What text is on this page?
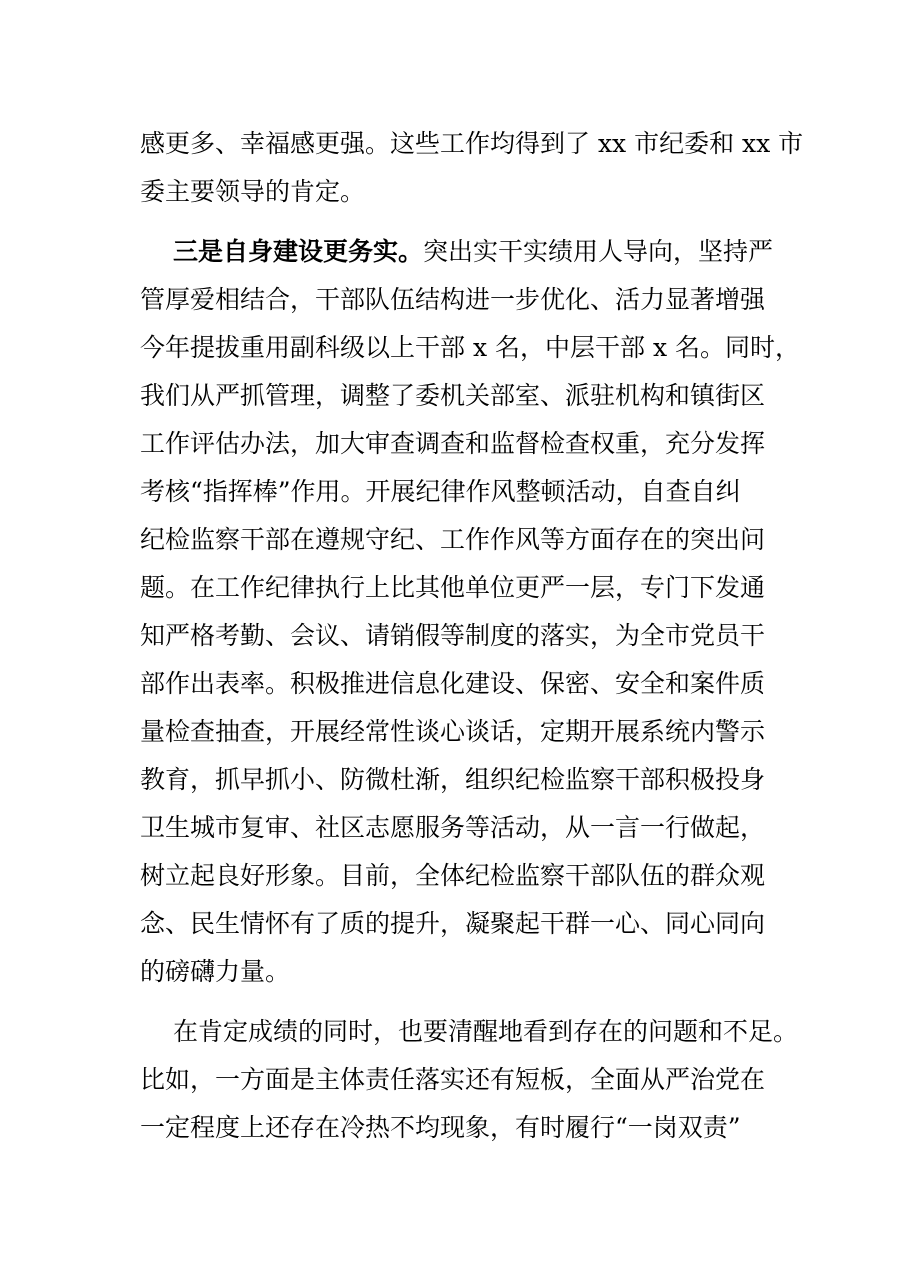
感更多、幸福感更强。这些工作均得到了 xx 市纪委和 xx 市
委主要领导的肯定。
三是自身建设更务实。突出实干实绩用人导向，坚持严
管厚爱相结合，干部队伍结构进一步优化、活力显著增强
今年提拔重用副科级以上干部 x 名，中层干部 x 名。同时，
我们从严抓管理，调整了委机关部室、派驻机构和镇街区
工作评估办法，加大审查调查和监督检查权重，充分发挥
考核“指挥棒”作用。开展纪律作风整顿活动，自查自纠
纪检监察干部在遵规守纪、工作作风等方面存在的突出问
题。在工作纪律执行上比其他单位更严一层，专门下发通
知严格考勤、会议、请销假等制度的落实，为全市党员干
部作出表率。积极推进信息化建设、保密、安全和案件质
量检查抽查，开展经常性谈心谈话，定期开展系统内警示
教育，抓早抓小、防微杜渐，组织纪检监察干部积极投身
卫生城市复审、社区志愿服务等活动，从一言一行做起，
树立起良好形象。目前，全体纪检监察干部队伍的群众观
念、民生情怀有了质的提升，凝聚起干群一心、同心同向
的磅礴力量。
在肯定成绩的同时，也要清醒地看到存在的问题和不足。
比如，一方面是主体责任落实还有短板，全面从严治党在
一定程度上还存在冷热不均现象，有时履行“一岗双责”
